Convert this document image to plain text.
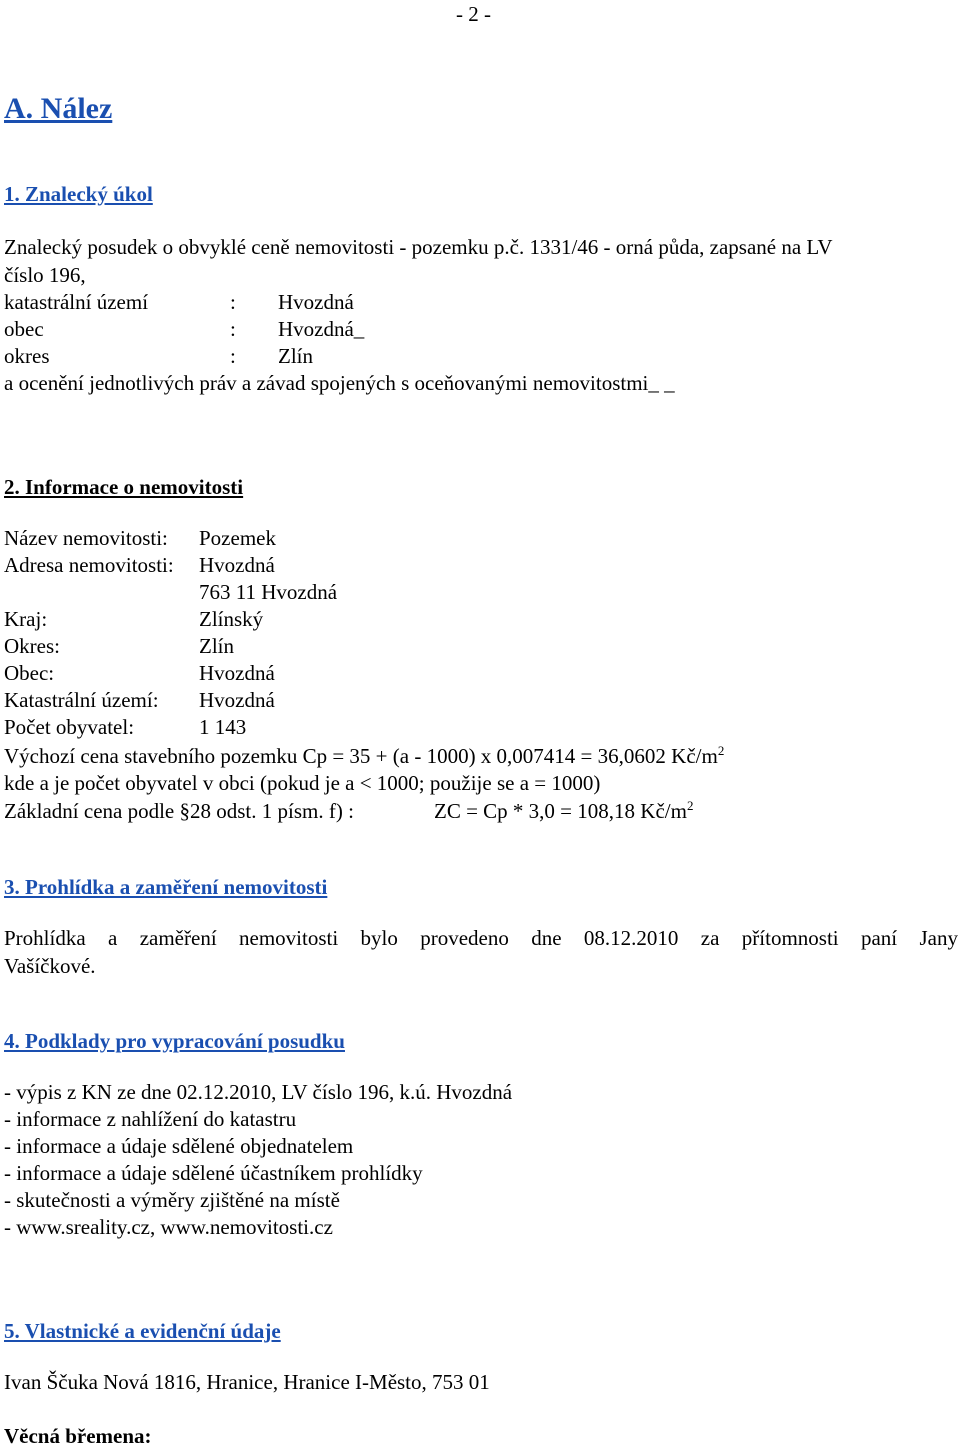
- 2 -
A. Nález
1. Znalecký úkol
Znalecký posudek o obvyklé ceně nemovitosti - pozemku p.č. 1331/46 - orná půda, zapsané na LV
číslo 196,
katastrální území	: Hvozdná
obec	: Hvozdná_
okres	: Zlín
a ocenění jednotlivých práv a závad spojených s oceňovanými nemovitostmi_ _
2. Informace o nemovitosti
Název nemovitosti: Pozemek
Adresa nemovitosti: Hvozdná
763 11 Hvozdná
Kraj:	Zlínský
Okres:	Zlín
Obec:	Hvozdná
Katastrální území: Hvozdná
Počet obyvatel:	1 143
Výchozí cena stavebního pozemku Cp = 35 + (a - 1000) x 0,007414 = 36,0602 $Kč/m^2$
kde a je počet obyvatel v obci (pokud je a < 1000; použije se a = 1000)
Základní cena podle §28 odst. 1 písm. f) :	ZC = Cp * 3,0 = 108,18 $Kč/m^2$
3. Prohlídka a zaměření nemovitosti
Prohlídka a zaměření nemovitosti bylo provedeno dne 08.12.2010 za přítomnosti paní Jany
Vašíčkové.
4. Podklady pro vypracování posudku
- výpis z KN ze dne 02.12.2010, LV číslo 196, k.ú. Hvozdná
- informace z nahlížení do katastru
- informace a údaje sdělené objednatelem
- informace a údaje sdělené účastníkem prohlídky
- skutečnosti a výměry zjištěné na místě
- www.sreality.cz, www.nemovitosti.cz
5. Vlastnické a evidenční údaje
Ivan Ščuka Nová 1816, Hranice, Hranice I-Město, 753 01
Věcná břemena:
